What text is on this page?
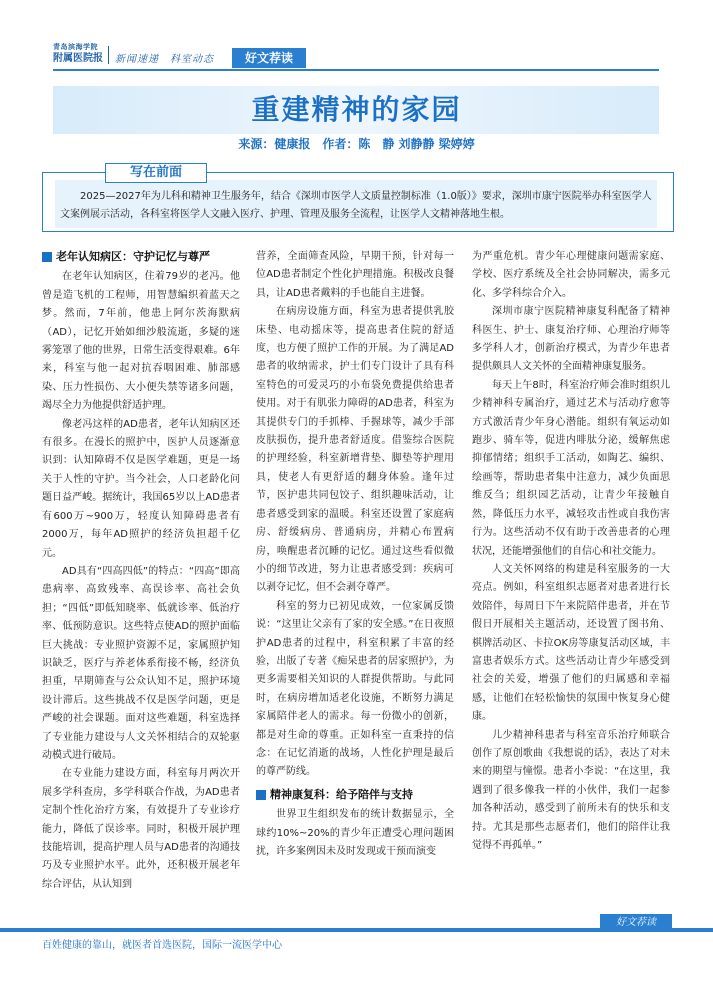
青岛滨海学院
附属医院报 新闻速递　科室动态	好文荐读
重建精神的家园
来源：健康报　作者：陈　静 刘静静 梁婷婷
写在前面
2025—2027年为儿科和精神卫生服务年，结合《深圳市医学人文质量控制标准（1.0版）》要求，深圳市康宁医院举办科室医学人文案例展示活动，各科室将医学人文融入医疗、护理、管理及服务全流程，让医学人文精神落地生根。
老年认知病区：守护记忆与尊严

在老年认知病区，住着79岁的老冯。他曾是造飞机的工程师，用智慧编织着蓝天之梦。然而，7年前，他患上阿尔茨海默病（AD），记忆开始如细沙般流逝，多疑的迷雾笼罩了他的世界，日常生活变得艰难。6年来，科室与他一起对抗吞咽困难、肺部感染、压力性损伤、大小便失禁等诸多问题，竭尽全力为他提供舒适护理。

像老冯这样的AD患者，老年认知病区还有很多。在漫长的照护中，医护人员逐渐意识到：认知障碍不仅是医学难题，更是一场关于人性的守护。当今社会，人口老龄化问题日益严峻。据统计，我国65岁以上AD患者有600万~900万，轻度认知障碍患者有2000万，每年AD照护的经济负担超千亿元。

AD具有“四高四低”的特点：“四高”即高患病率、高致残率、高误诊率、高社会负担；“四低”即低知晓率、低就诊率、低治疗率、低预防意识。这些特点使AD的照护面临巨大挑战：专业照护资源不足，家属照护知识缺乏，医疗与养老体系衔接不畅，经济负担重，早期筛查与公众认知不足，照护环境设计滞后。这些挑战不仅是医学问题，更是严峻的社会课题。面对这些难题，科室选择了专业能力建设与人文关怀相结合的双轮驱动模式进行破局。

在专业能力建设方面，科室每月两次开展多学科查房，多学科联合作战，为AD患者定制个性化治疗方案，有效提升了专业诊疗能力，降低了误诊率。同时，积极开展护理技能培训，提高护理人员与AD患者的沟通技巧及专业照护水平。此外，还积极开展老年综合评估，从认知到

营养，全面筛查风险，早期干预，针对每一位AD患者制定个性化护理措施。积极改良餐具，让AD患者戴料的手也能自主进餐。

在病房设施方面，科室为患者提供乳胶床垫、电动摇床等，提高患者住院的舒适度，也方便了照护工作的开展。为了满足AD患者的收纳需求，护士们专门设计了具有科室特色的可爱灵巧的小布袋免费提供给患者使用。对于有肌张力障碍的AD患者，科室为其提供专门的手抓棒、手握球等，减少手部皮肤损伤，提升患者舒适度。借鉴综合医院的护理经验，科室新增背垫、脚垫等护理用具，使老人有更舒适的翻身体验。逢年过节，医护患共同包饺子、组织趣味活动，让患者感受到家的温暖。科室还设置了家庭病房、舒缓病房、普通病房，并精心布置病房，唤醒患者沉睡的记忆。通过这些看似微小的细节改进，努力让患者感受到：疾病可以剥夺记忆，但不会剥夺尊严。

科室的努力已初见成效，一位家属反馈说：“这里让父亲有了家的安全感。”在日夜照护AD患者的过程中，科室积累了丰富的经验，出版了专著《痴呆患者的居家照护》，为更多需要相关知识的人群提供帮助。与此同时，在病房增加适老化设施，不断努力满足家属陪伴老人的需求。每一份微小的创新，都是对生命的尊重。正如科室一直秉持的信念：在记忆消逝的战场，人性化护理是最后的尊严防线。

精神康复科：给予陪伴与支持

世界卫生组织发布的统计数据显示，全球约10%~20%的青少年正遭受心理问题困扰，许多案例因未及时发现或干预而演变

为严重危机。青少年心理健康问题需家庭、学校、医疗系统及全社会协同解决，需多元化、多学科综合介入。

深圳市康宁医院精神康复科配备了精神科医生、护士、康复治疗师、心理治疗师等多学科人才，创新治疗模式，为青少年患者提供颇具人文关怀的全面精神康复服务。

每天上午8时，科室治疗师会准时组织儿少精神科专属治疗，通过艺术与活动疗愈等方式激活青少年身心潜能。组织有氧运动如跑步、骑车等，促进内啡肽分泌，缓解焦虑抑郁情绪；组织手工活动，如陶艺、编织、绘画等，帮助患者集中注意力，减少负面思维反刍；组织园艺活动，让青少年接触自然，降低压力水平，减轻攻击性或自我伤害行为。这些活动不仅有助于改善患者的心理状况，还能增强他们的自信心和社交能力。

人文关怀网络的构建是科室服务的一大亮点。例如，科室组织志愿者对患者进行长效陪伴，每周日下午来院陪伴患者，并在节假日开展相关主题活动，还设置了图书角、棋牌活动区、卡拉OK房等康复活动区域，丰富患者娱乐方式。这些活动让青少年感受到社会的关爱，增强了他们的归属感和幸福感，让他们在轻松愉快的氛围中恢复身心健康。

儿少精神科患者与科室音乐治疗师联合创作了原创歌曲《我想说的话》，表达了对未来的期望与憧憬。患者小李说：“在这里，我遇到了很多像我一样的小伙伴，我们一起参加各种活动，感受到了前所未有的快乐和支持。尤其是那些志愿者们，他们的陪伴让我觉得不再孤单。”

好文荐读
百姓健康的靠山，就医者首选医院，国际一流医学中心
